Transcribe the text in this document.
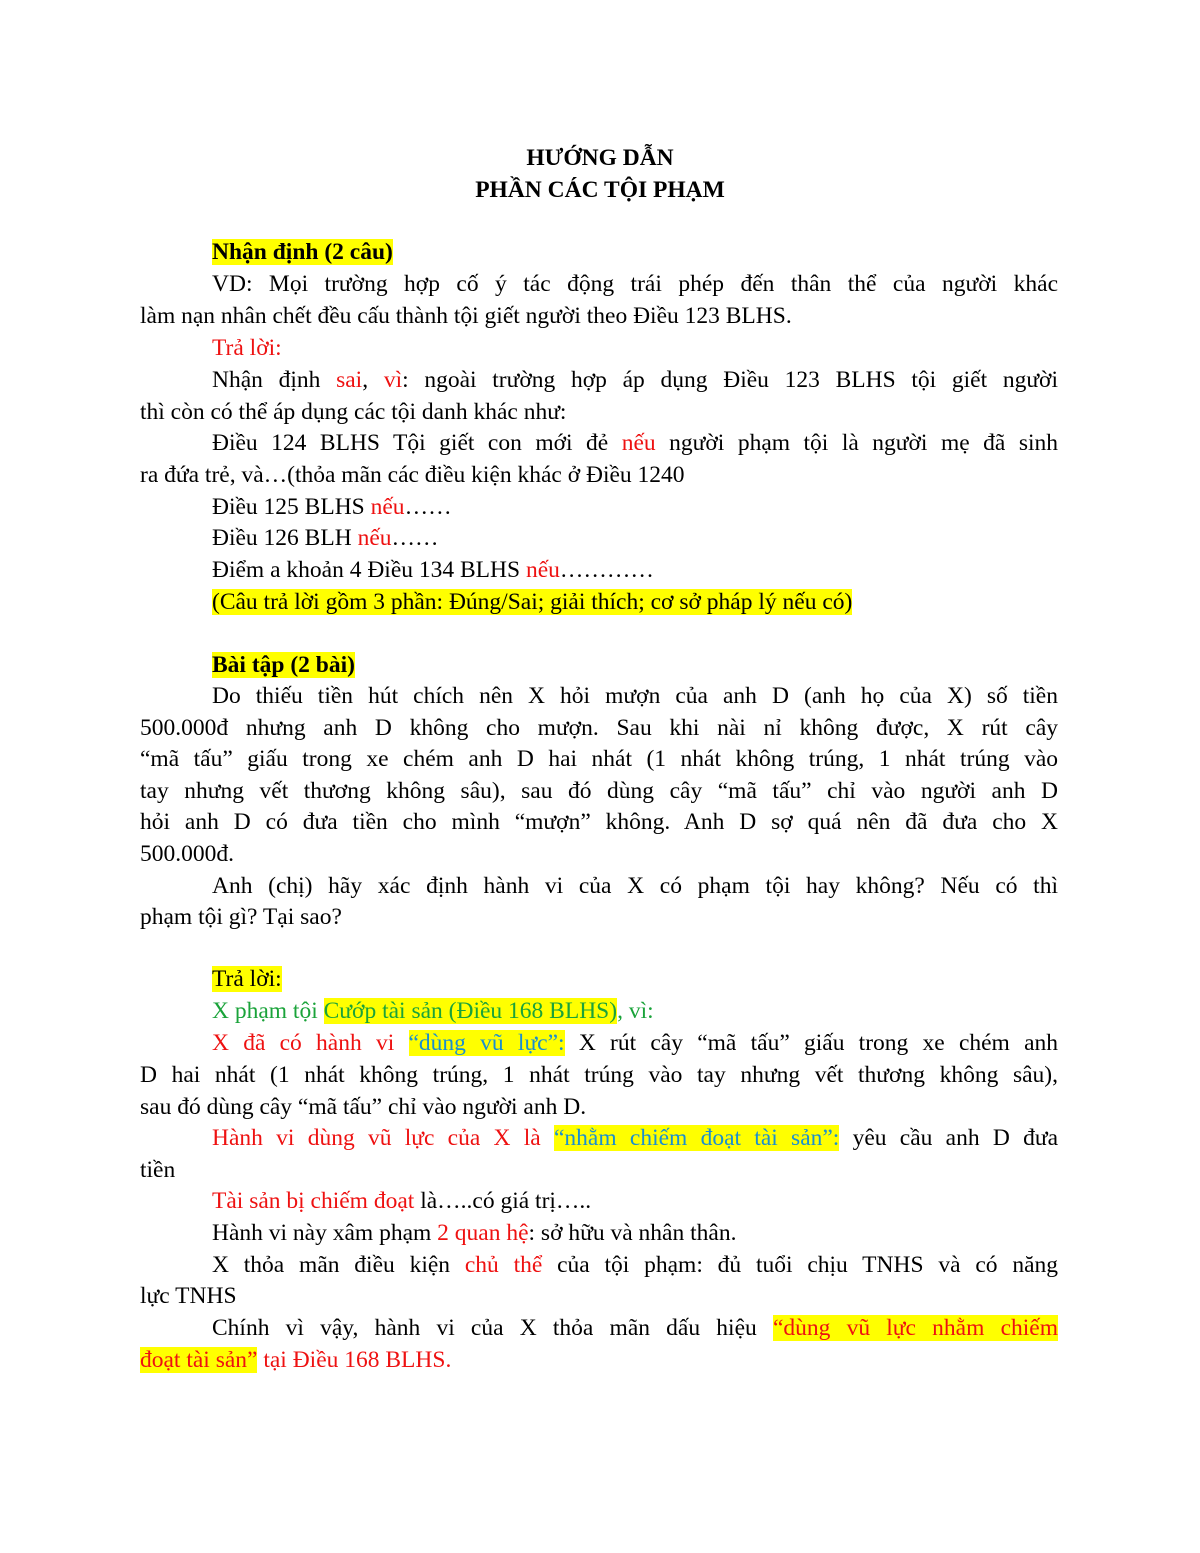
HƯỚNG DẪN
PHẦN CÁC TỘI PHẠM
Nhận định (2 câu)
VD: Mọi trường hợp cố ý tác động trái phép đến thân thể của người khác
làm nạn nhân chết đều cấu thành tội giết người theo Điều 123 BLHS.
Trả lời:
Nhận định sai, vì: ngoài trường hợp áp dụng Điều 123 BLHS tội giết người
thì còn có thể áp dụng các tội danh khác như:
Điều 124 BLHS Tội giết con mới đẻ nếu người phạm tội là người mẹ đã sinh
ra đứa trẻ, và…(thỏa mãn các điều kiện khác ở Điều 1240
Điều 125 BLHS nếu……
Điều 126 BLH nếu……
Điểm a khoản 4 Điều 134 BLHS nếu…………
(Câu trả lời gồm 3 phần: Đúng/Sai; giải thích; cơ sở pháp lý nếu có)
Bài tập (2 bài)
Do thiếu tiền hút chích nên X hỏi mượn của anh D (anh họ của X) số tiền
500.000đ nhưng anh D không cho mượn. Sau khi nài nỉ không được, X rút cây
“mã tấu” giấu trong xe chém anh D hai nhát (1 nhát không trúng, 1 nhát trúng vào
tay nhưng vết thương không sâu), sau đó dùng cây “mã tấu” chỉ vào người anh D
hỏi anh D có đưa tiền cho mình “mượn” không. Anh D sợ quá nên đã đưa cho X
500.000đ.
Anh (chị) hãy xác định hành vi của X có phạm tội hay không? Nếu có thì
phạm tội gì? Tại sao?
Trả lời:
X phạm tội Cướp tài sản (Điều 168 BLHS), vì:
X đã có hành vi “dùng vũ lực”: X rút cây “mã tấu” giấu trong xe chém anh
D hai nhát (1 nhát không trúng, 1 nhát trúng vào tay nhưng vết thương không sâu),
sau đó dùng cây “mã tấu” chỉ vào người anh D.
Hành vi dùng vũ lực của X là “nhằm chiếm đoạt tài sản”: yêu cầu anh D đưa
tiền
Tài sản bị chiếm đoạt là…..có giá trị…..
Hành vi này xâm phạm 2 quan hệ: sở hữu và nhân thân.
X thỏa mãn điều kiện chủ thể của tội phạm: đủ tuổi chịu TNHS và có năng
lực TNHS
Chính vì vậy, hành vi của X thỏa mãn dấu hiệu “dùng vũ lực nhằm chiếm
đoạt tài sản” tại Điều 168 BLHS.
